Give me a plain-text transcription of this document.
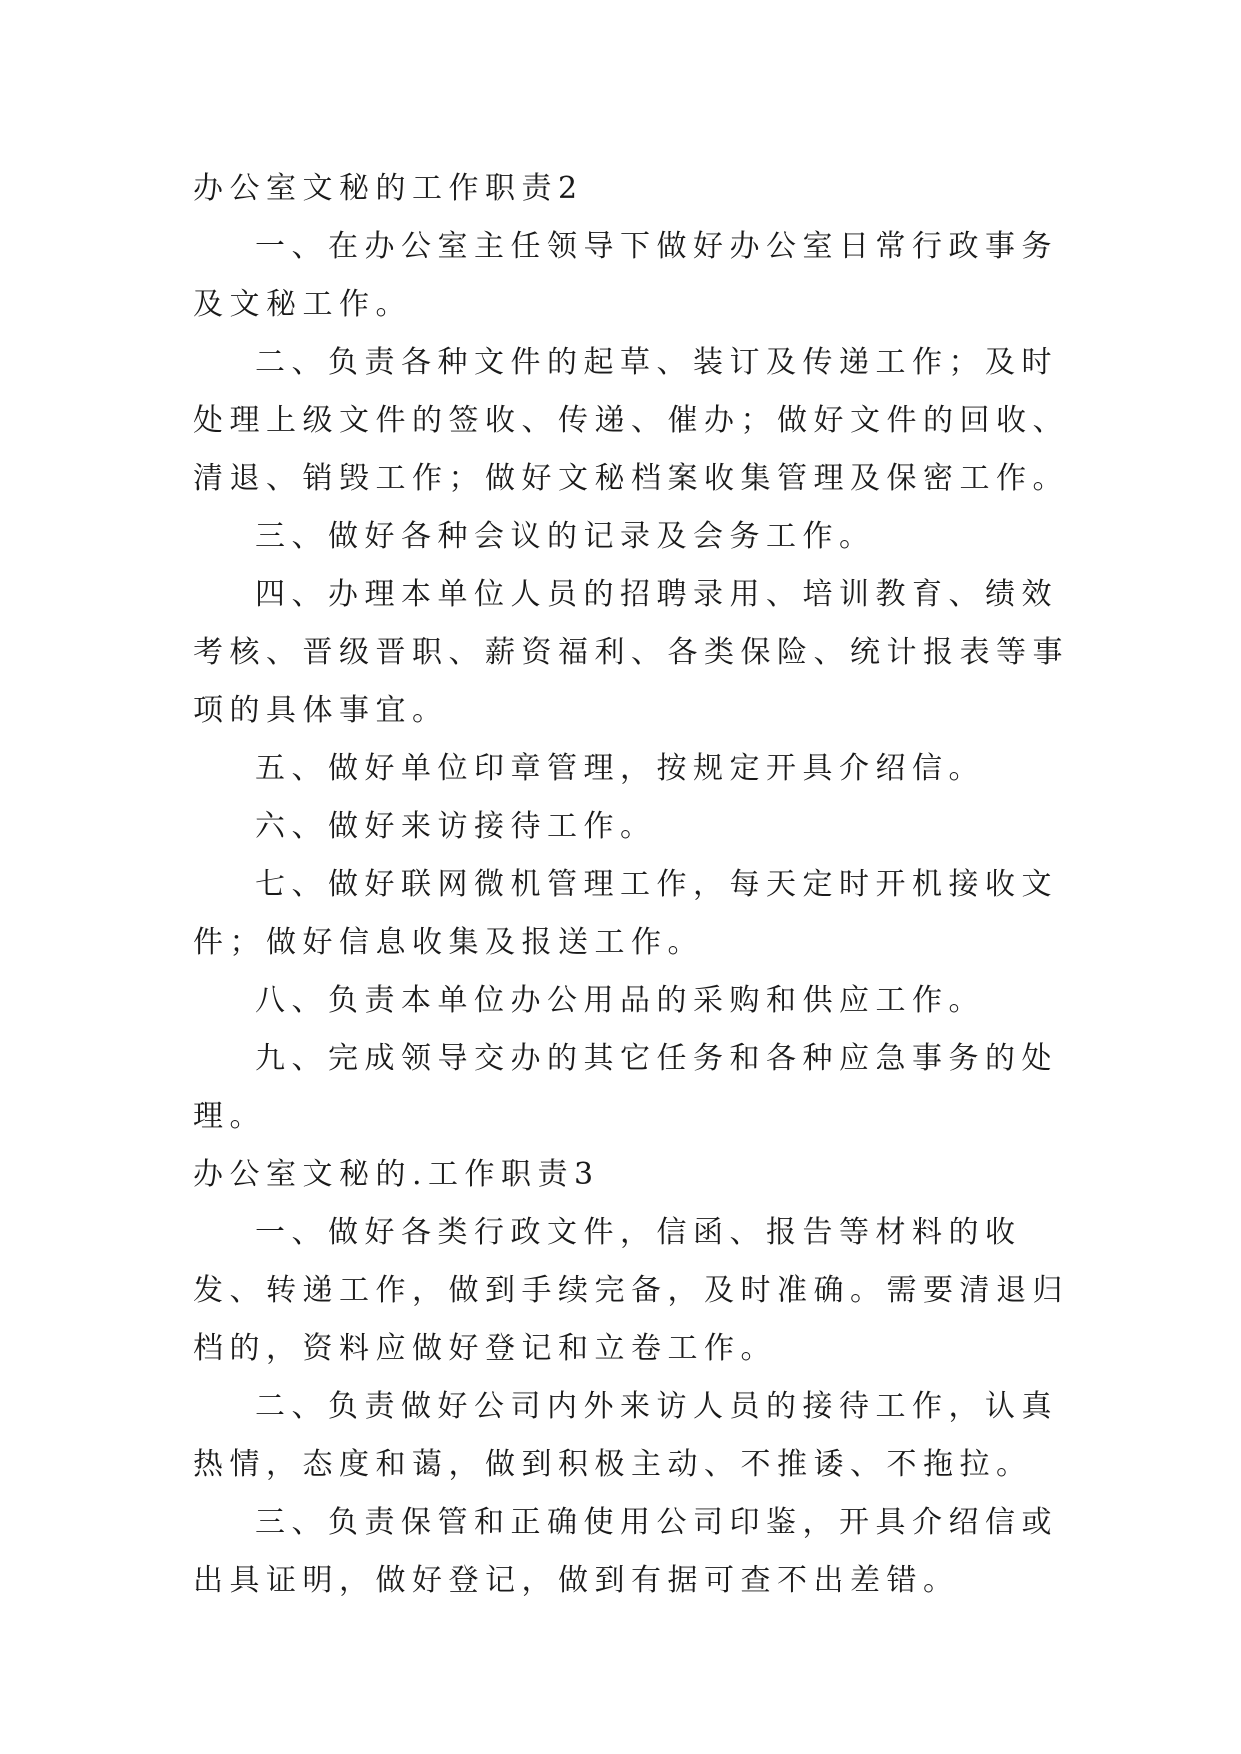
办公室文秘的工作职责2

一、在办公室主任领导下做好办公室日常行政事务及文秘工作。

二、负责各种文件的起草、装订及传递工作；及时处理上级文件的签收、传递、催办；做好文件的回收、清退、销毁工作；做好文秘档案收集管理及保密工作。

三、做好各种会议的记录及会务工作。

四、办理本单位人员的招聘录用、培训教育、绩效考核、晋级晋职、薪资福利、各类保险、统计报表等事项的具体事宜。

五、做好单位印章管理，按规定开具介绍信。

六、做好来访接待工作。

七、做好联网微机管理工作，每天定时开机接收文件；做好信息收集及报送工作。

八、负责本单位办公用品的采购和供应工作。

九、完成领导交办的其它任务和各种应急事务的处理。

办公室文秘的.工作职责3

一、做好各类行政文件，信函、报告等材料的收发、转递工作，做到手续完备，及时准确。需要清退归档的，资料应做好登记和立卷工作。

二、负责做好公司内外来访人员的接待工作，认真热情，态度和蔼，做到积极主动、不推诿、不拖拉。

三、负责保管和正确使用公司印鉴，开具介绍信或出具证明，做好登记，做到有据可查不出差错。
